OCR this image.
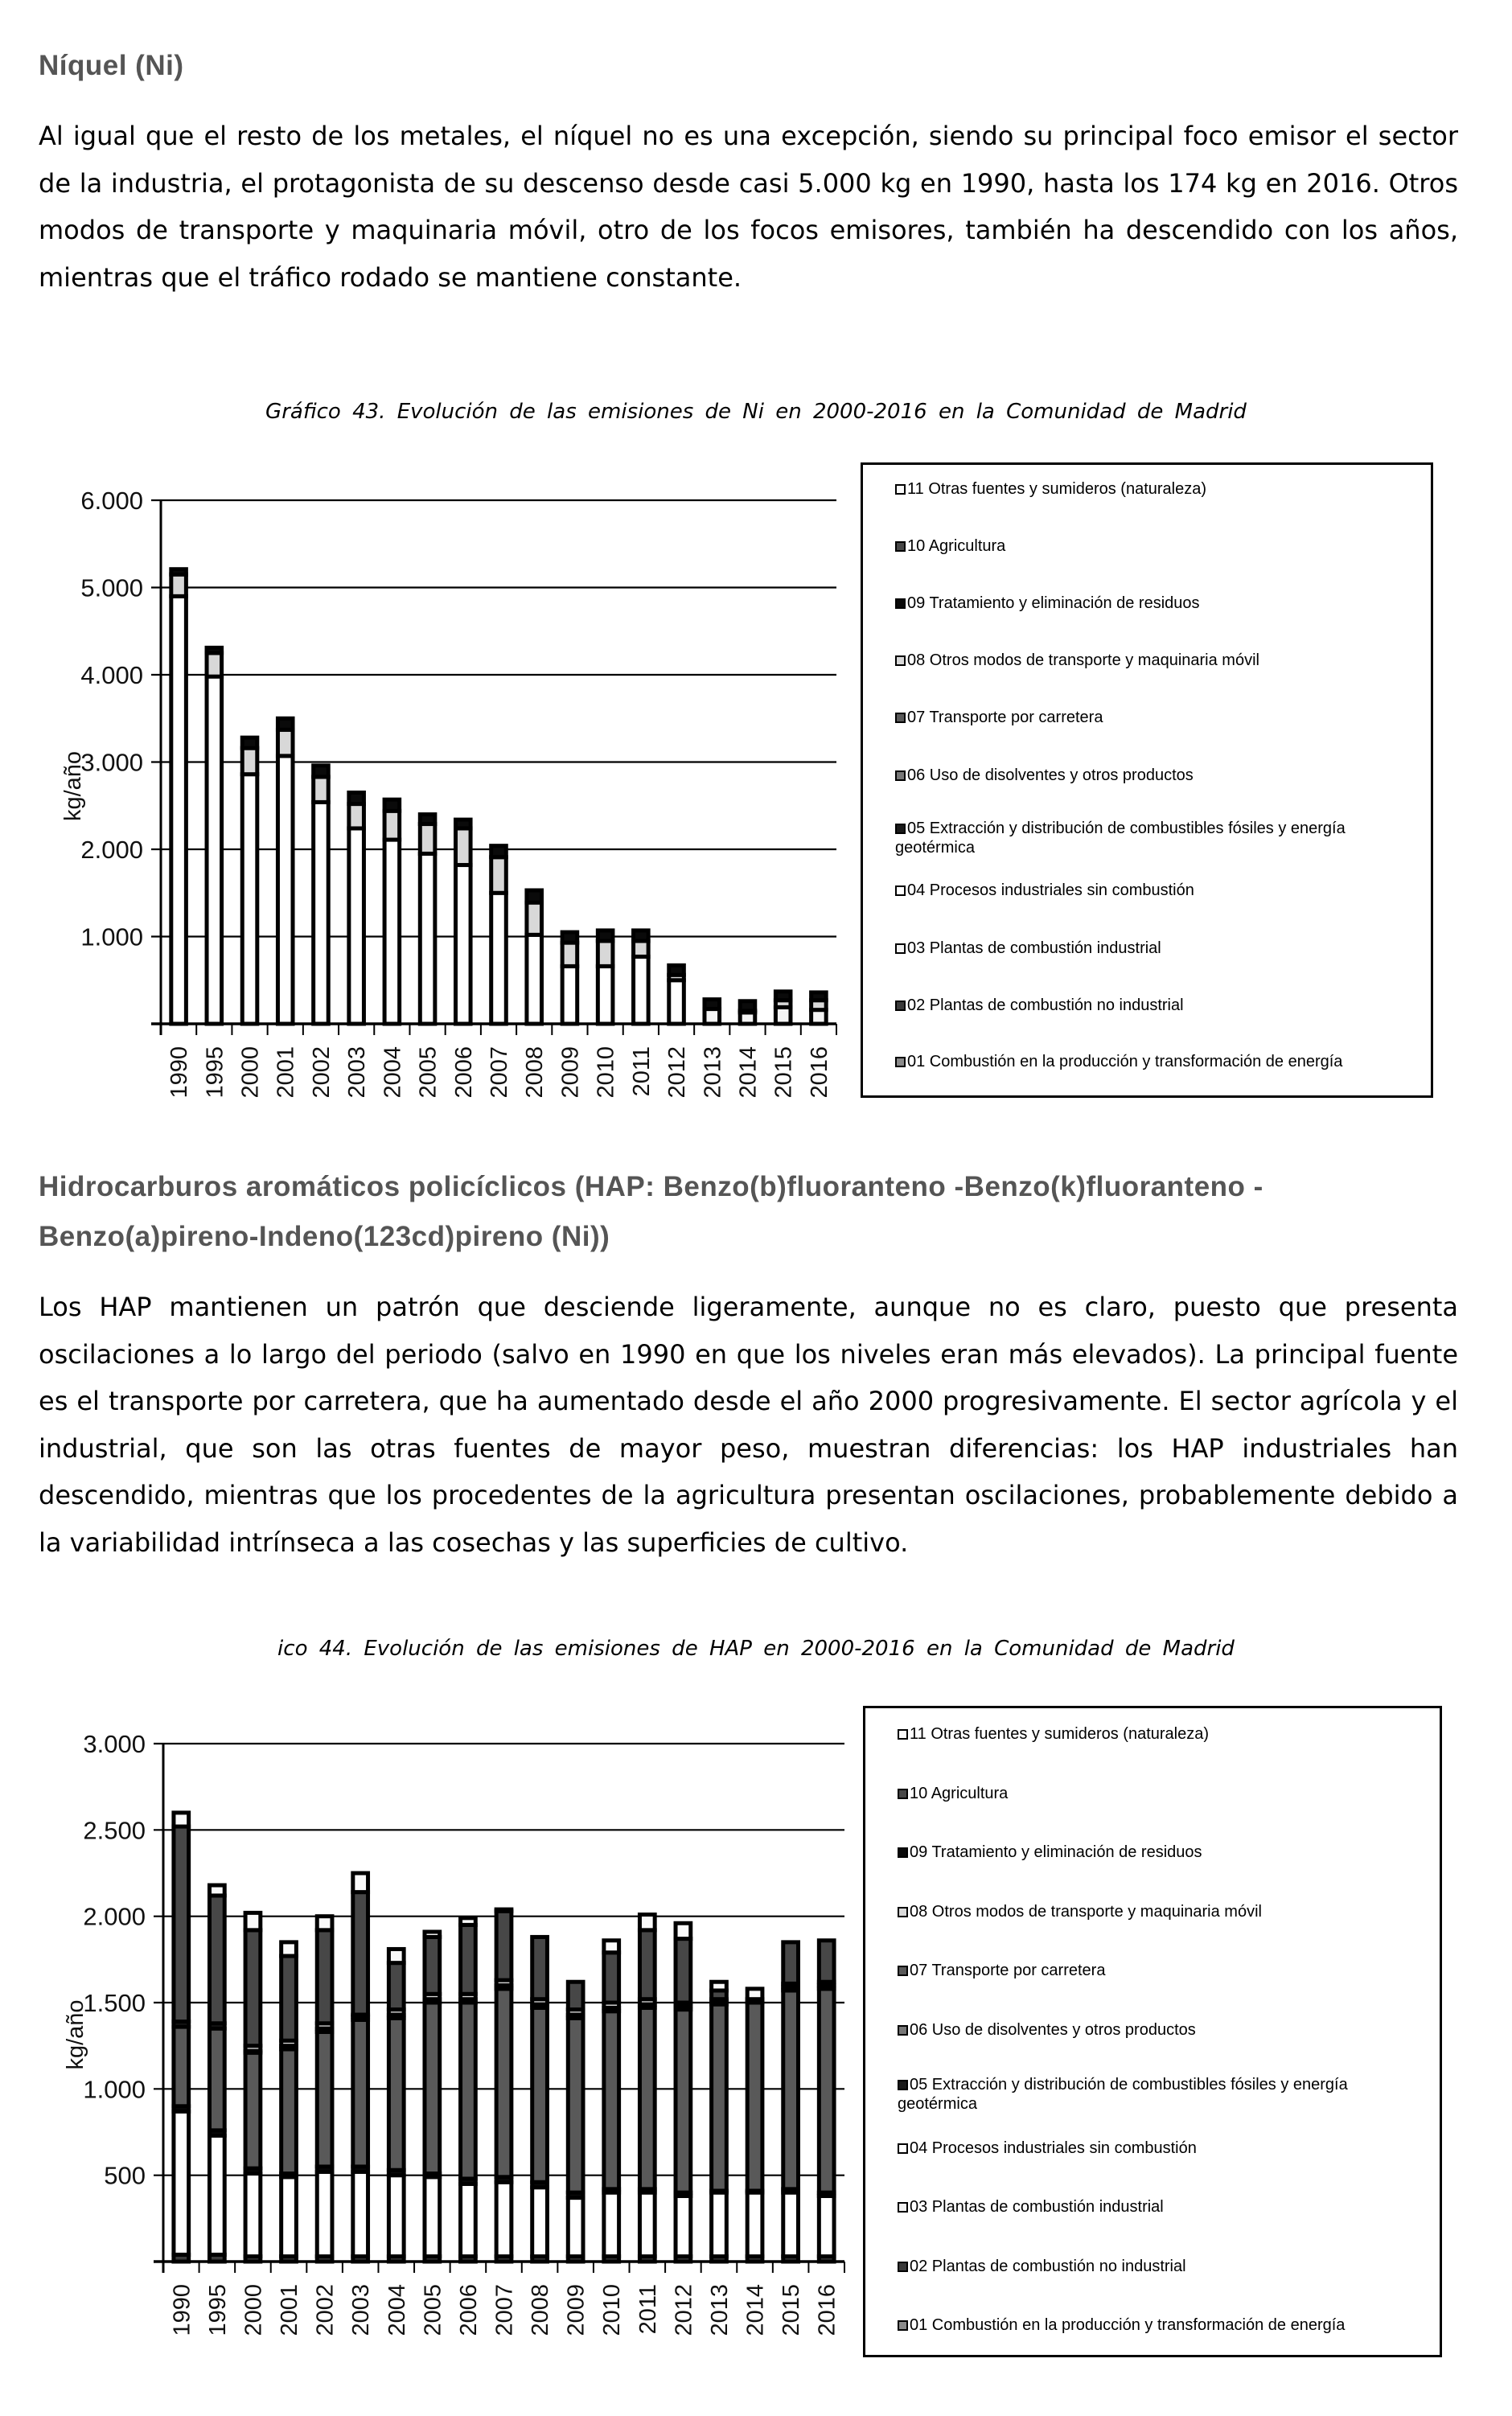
Níquel (Ni)
Al igual que el resto de los metales, el níquel no es una excepción, siendo su principal foco emisor el sector de la industria, el protagonista de su descenso desde casi 5.000 kg en 1990, hasta los 174 kg en 2016. Otros modos de transporte y maquinaria móvil, otro de los focos emisores, también ha descendido con los años, mientras que el tráfico rodado se mantiene constante.
Gráfico 43. Evolución de las emisiones de Ni en 2000-2016 en la Comunidad de Madrid
1.000
2.000
3.000
4.000
5.000
6.000
kg/año
1990 1995 2000 2001 2002 2003 2004 2005 2006 2007 2008 2009 2010 2011 2012 2013 2014 2015 2016
11 Otras fuentes y sumideros (naturaleza)
10 Agricultura
09 Tratamiento y eliminación de residuos
08 Otros modos de transporte y maquinaria móvil
07 Transporte por carretera
06 Uso de disolventes y otros productos
05 Extracción y distribución de combustibles fósiles y energía geotérmica
04 Procesos industriales sin combustión
03 Plantas de combustión industrial
02 Plantas de combustión no industrial
01 Combustión en la producción y transformación de energía
Hidrocarburos aromáticos policíclicos (HAP: Benzo(b)fluoranteno -Benzo(k)fluoranteno -
Benzo(a)pireno-Indeno(123cd)pireno (Ni))
Los HAP mantienen un patrón que desciende ligeramente, aunque no es claro, puesto que presenta oscilaciones a lo largo del periodo (salvo en 1990 en que los niveles eran más elevados). La principal fuente es el transporte por carretera, que ha aumentado desde el año 2000 progresivamente. El sector agrícola y el industrial, que son las otras fuentes de mayor peso, muestran diferencias: los HAP industriales han descendido, mientras que los procedentes de la agricultura presentan oscilaciones, probablemente debido a la variabilidad intrínseca a las cosechas y las superficies de cultivo.
ico 44. Evolución de las emisiones de HAP en 2000-2016 en la Comunidad de Madrid
500
1.000
1.500
2.000
2.500
3.000
kg/año
1990 1995 2000 2001 2002 2003 2004 2005 2006 2007 2008 2009 2010 2011 2012 2013 2014 2015 2016
11 Otras fuentes y sumideros (naturaleza)
10 Agricultura
09 Tratamiento y eliminación de residuos
08 Otros modos de transporte y maquinaria móvil
07 Transporte por carretera
06 Uso de disolventes y otros productos
05 Extracción y distribución de combustibles fósiles y energía geotérmica
04 Procesos industriales sin combustión
03 Plantas de combustión industrial
02 Plantas de combustión no industrial
01 Combustión en la producción y transformación de energía
